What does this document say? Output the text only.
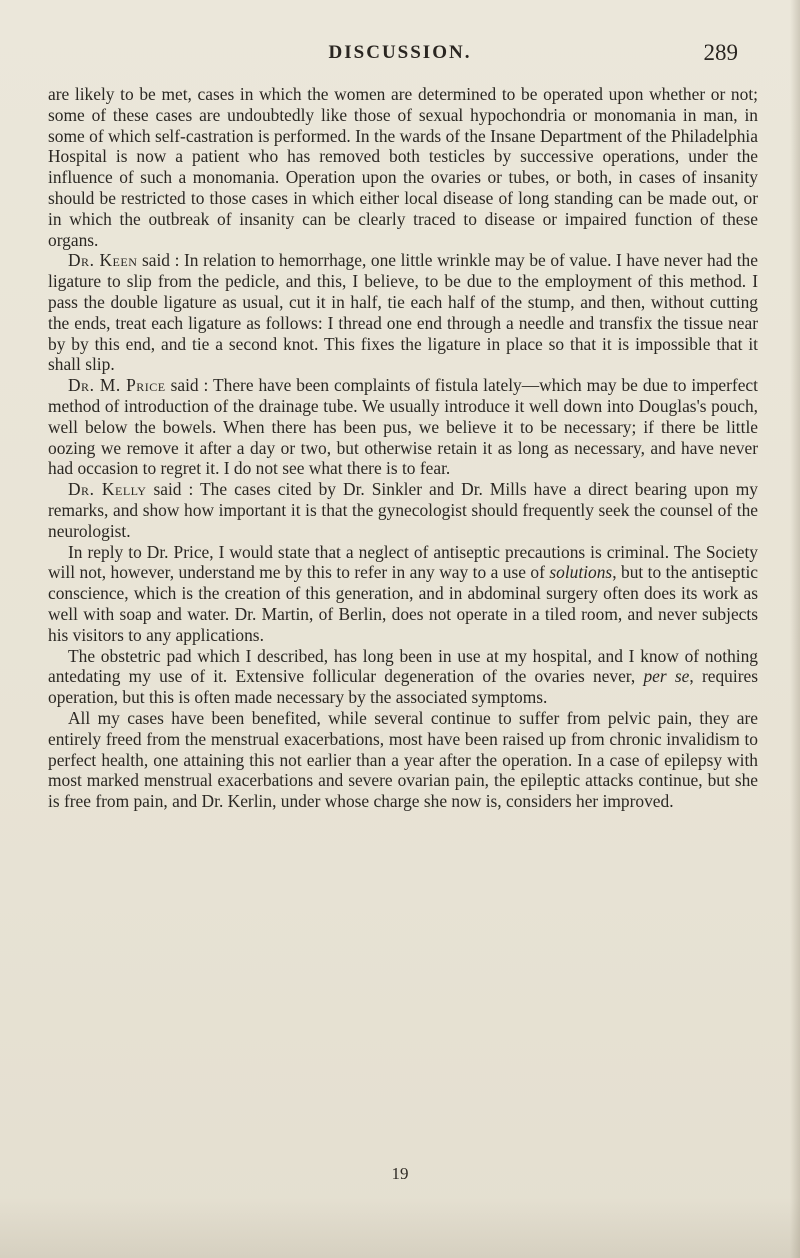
DISCUSSION.	289

are likely to be met, cases in which the women are determined to be operated upon whether or not; some of these cases are undoubtedly like those of sexual hypochondria or monomania in man, in some of which self-castration is performed. In the wards of the Insane Department of the Philadelphia Hospital is now a patient who has removed both testicles by successive operations, under the influence of such a monomania. Operation upon the ovaries or tubes, or both, in cases of insanity should be restricted to those cases in which either local disease of long standing can be made out, or in which the outbreak of insanity can be clearly traced to disease or impaired function of these organs.

Dr. Keen said : In relation to hemorrhage, one little wrinkle may be of value. I have never had the ligature to slip from the pedicle, and this, I believe, to be due to the employment of this method. I pass the double ligature as usual, cut it in half, tie each half of the stump, and then, without cutting the ends, treat each ligature as follows: I thread one end through a needle and transfix the tissue near by by this end, and tie a second knot. This fixes the ligature in place so that it is impossible that it shall slip.

Dr. M. Price said : There have been complaints of fistula lately—which may be due to imperfect method of introduction of the drainage tube. We usually introduce it well down into Douglas's pouch, well below the bowels. When there has been pus, we believe it to be necessary; if there be little oozing we remove it after a day or two, but otherwise retain it as long as necessary, and have never had occasion to regret it. I do not see what there is to fear.

Dr. Kelly said : The cases cited by Dr. Sinkler and Dr. Mills have a direct bearing upon my remarks, and show how important it is that the gynecologist should frequently seek the counsel of the neurologist.

In reply to Dr. Price, I would state that a neglect of antiseptic precautions is criminal. The Society will not, however, understand me by this to refer in any way to a use of solutions, but to the antiseptic conscience, which is the creation of this generation, and in abdominal surgery often does its work as well with soap and water. Dr. Martin, of Berlin, does not operate in a tiled room, and never subjects his visitors to any applications.

The obstetric pad which I described, has long been in use at my hospital, and I know of nothing antedating my use of it. Extensive follicular degeneration of the ovaries never, per se, requires operation, but this is often made necessary by the associated symptoms.

All my cases have been benefited, while several continue to suffer from pelvic pain, they are entirely freed from the menstrual exacerbations, most have been raised up from chronic invalidism to perfect health, one attaining this not earlier than a year after the operation. In a case of epilepsy with most marked menstrual exacerbations and severe ovarian pain, the epileptic attacks continue, but she is free from pain, and Dr. Kerlin, under whose charge she now is, considers her improved.

19
